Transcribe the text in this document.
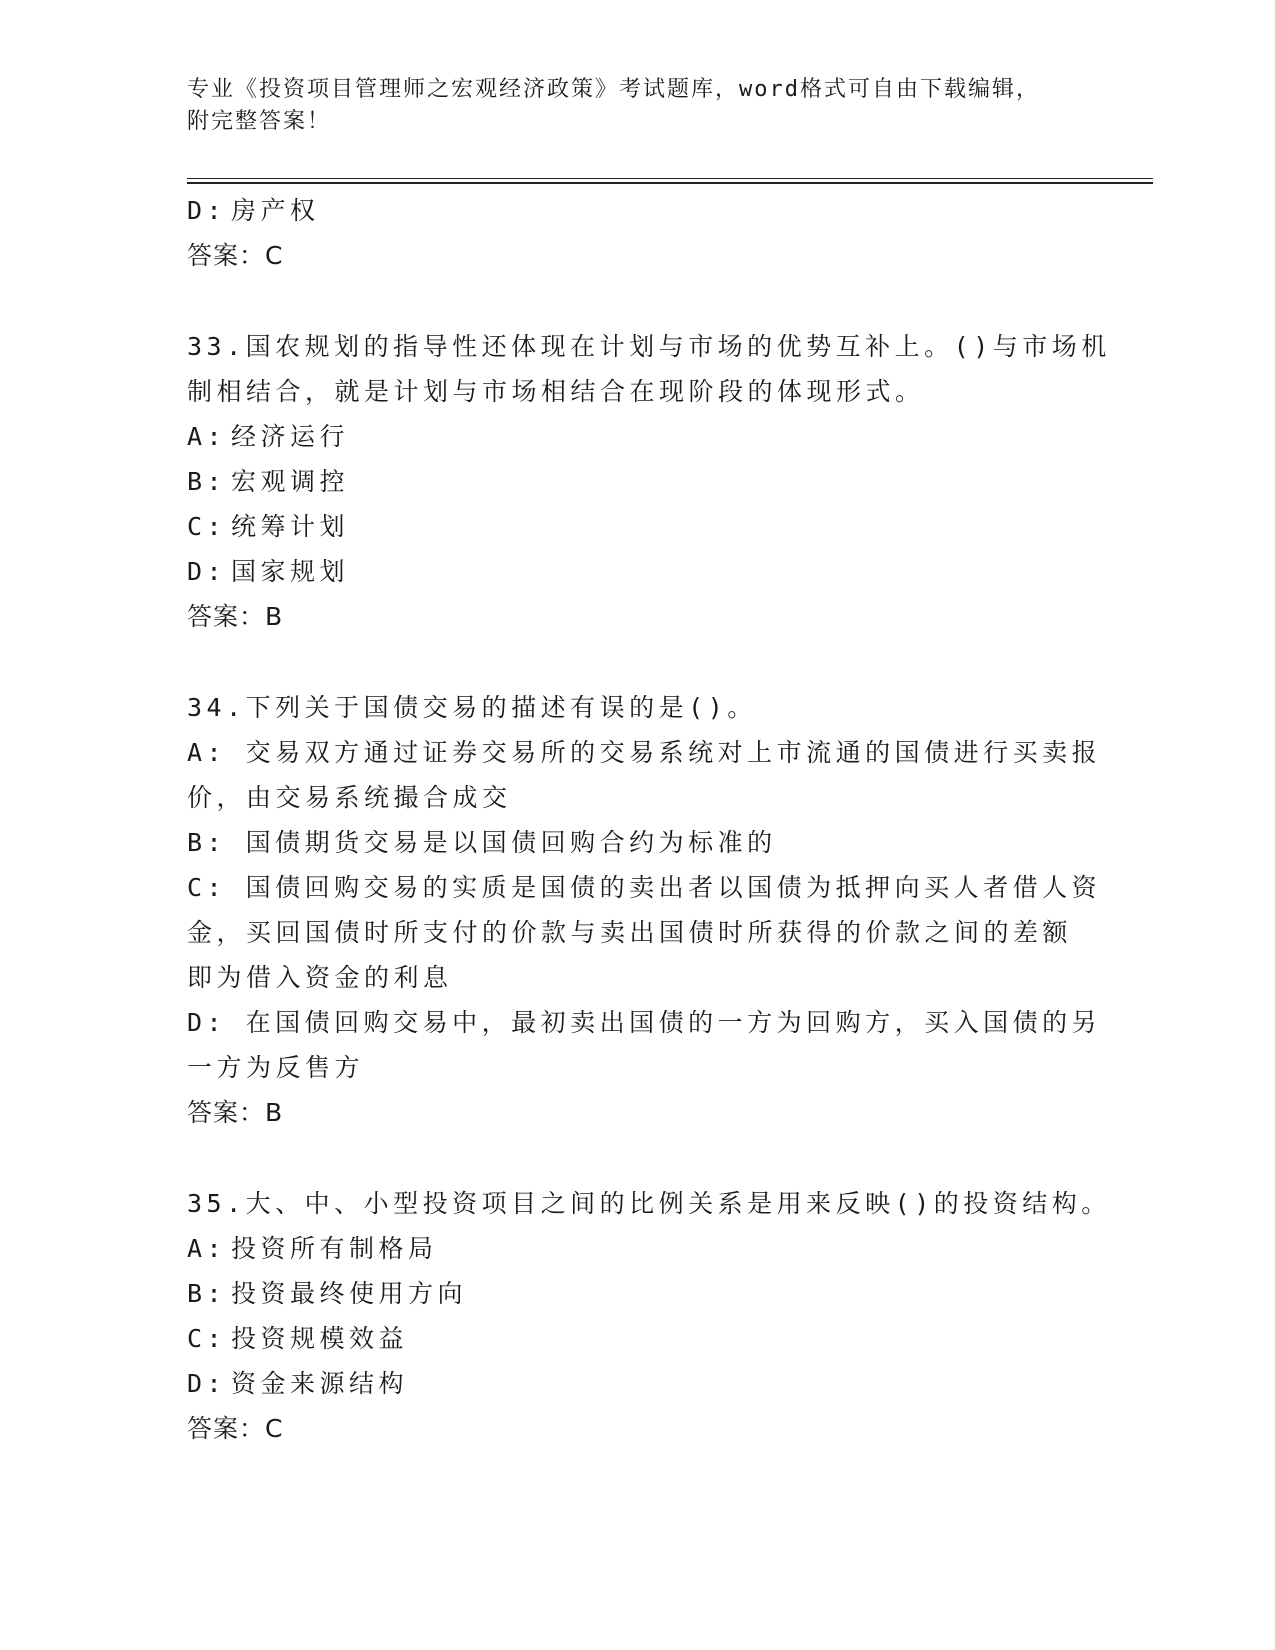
专业《投资项目管理师之宏观经济政策》考试题库，word格式可自由下载编辑，
附完整答案！
D: 房产权
答案：C
33.国农规划的指导性还体现在计划与市场的优势互补上。()与市场机
制相结合，就是计划与市场相结合在现阶段的体现形式。
A: 经济运行
B: 宏观调控
C: 统筹计划
D: 国家规划
答案：B
34.下列关于国债交易的描述有误的是()。
A: 交易双方通过证券交易所的交易系统对上市流通的国债进行买卖报
价，由交易系统撮合成交
B: 国债期货交易是以国债回购合约为标准的
C: 国债回购交易的实质是国债的卖出者以国债为抵押向买人者借人资
金，买回国债时所支付的价款与卖出国债时所获得的价款之间的差额
即为借入资金的利息
D: 在国债回购交易中，最初卖出国债的一方为回购方，买入国债的另
一方为反售方
答案：B
35.大、中、小型投资项目之间的比例关系是用来反映()的投资结构。
A: 投资所有制格局
B: 投资最终使用方向
C: 投资规模效益
D: 资金来源结构
答案：C
